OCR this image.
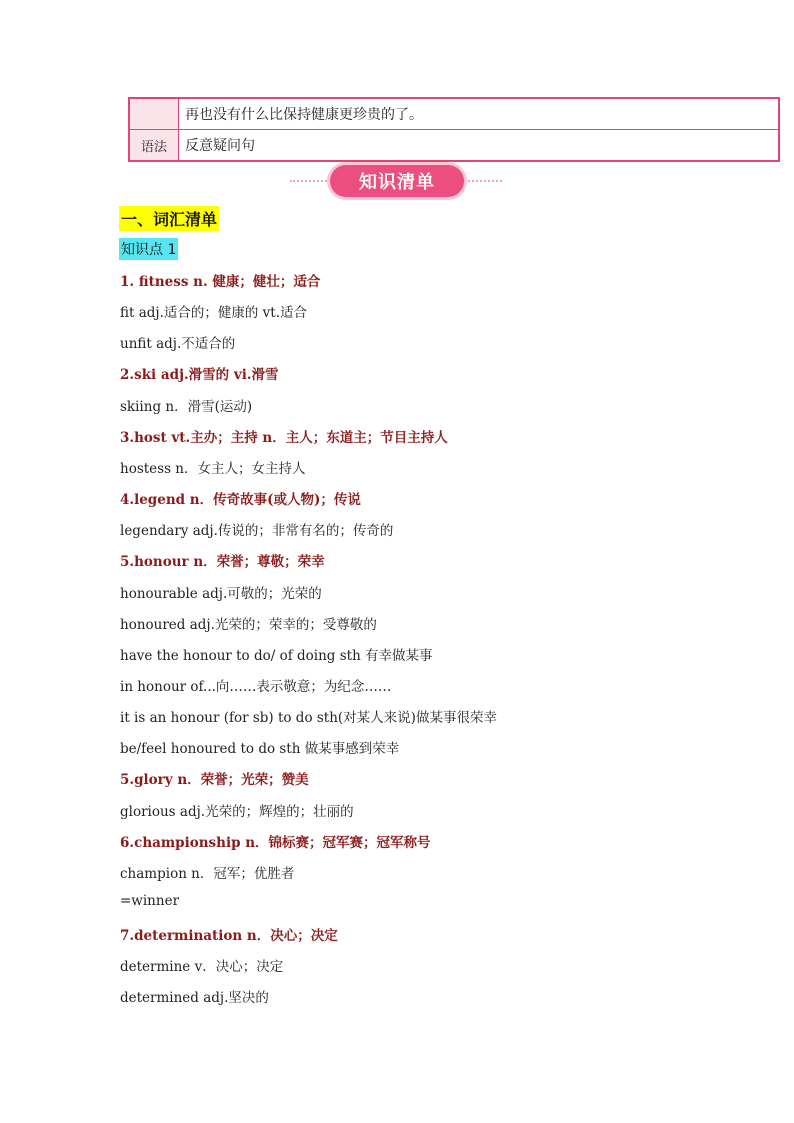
再也没有什么比保持健康更珍贵的了。
语法	反意疑问句
知识清单
一、词汇清单
知识点 1
1. fitness n. 健康；健壮；适合
fit adj.适合的；健康的 vt.适合
unfit adj.不适合的
2.ski adj.滑雪的 vi.滑雪
skiing n．滑雪(运动)
3.host vt.主办；主持 n．主人；东道主；节目主持人
hostess n．女主人；女主持人
4.legend n．传奇故事(或人物)；传说
legendary adj.传说的；非常有名的；传奇的
5.honour n．荣誉；尊敬；荣幸
honourable adj.可敬的；光荣的
honoured adj.光荣的；荣幸的；受尊敬的
have the honour to do/ of doing sth 有幸做某事
in honour of...向……表示敬意；为纪念……
it is an honour (for sb) to do sth(对某人来说)做某事很荣幸
be/feel honoured to do sth 做某事感到荣幸
5.glory n．荣誉；光荣；赞美
glorious adj.光荣的；辉煌的；壮丽的
6.championship n．锦标赛；冠军赛；冠军称号
champion n．冠军；优胜者
=winner
7.determination n．决心；决定
determine v．决心；决定
determined adj.坚决的
